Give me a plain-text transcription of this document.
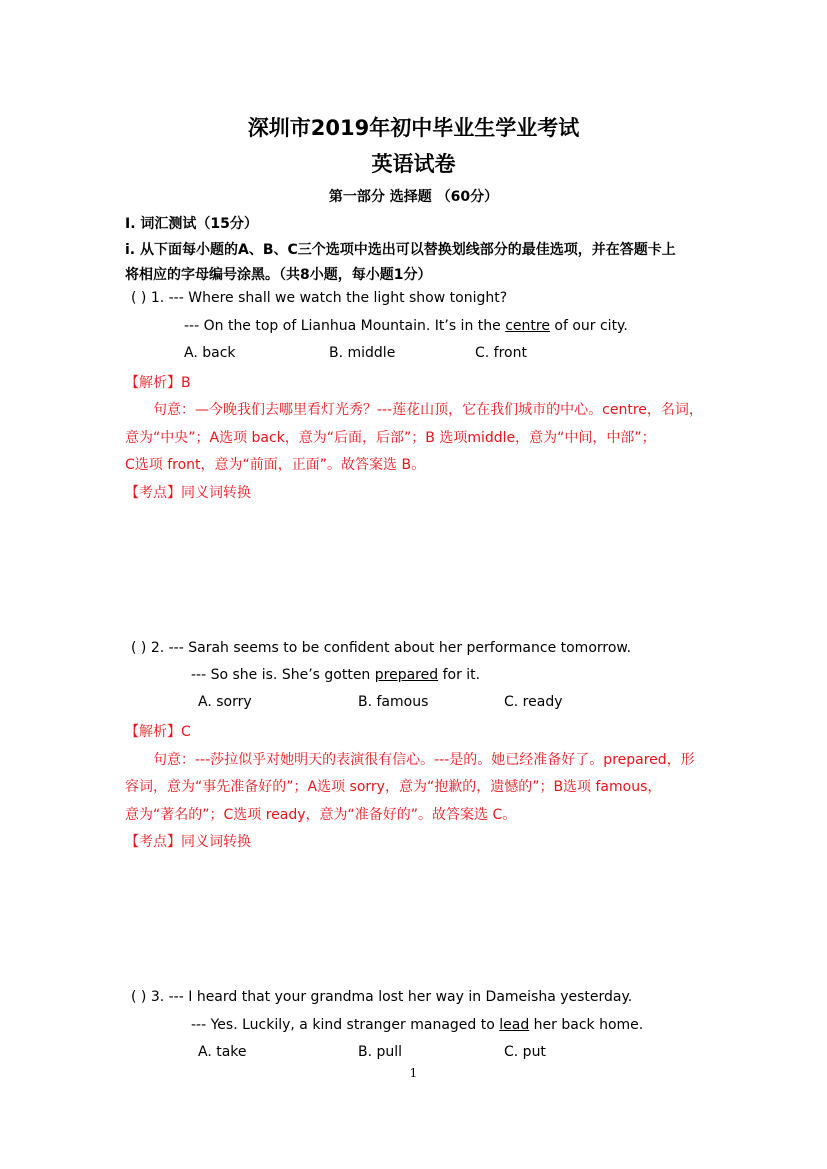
深圳市2019年初中毕业生学业考试
英语试卷
第一部分 选择题 （60分）
I. 词汇测试（15分）
i. 从下面每小题的A、B、C三个选项中选出可以替换划线部分的最佳选项，并在答题卡上
将相应的字母编号涂黑。（共8小题，每小题1分）
( ) 1. --- Where shall we watch the light show tonight?
--- On the top of Lianhua Mountain. It’s in the centre of our city.
A. back	B. middle	C. front
【解析】B
句意：—今晚我们去哪里看灯光秀？---莲花山顶，它在我们城市的中心。centre，名词，
意为“中央”；A选项 back，意为“后面，后部”；B 选项middle，意为“中间，中部”；
C选项 front，意为“前面，正面”。故答案选 B。
【考点】同义词转换
( ) 2. --- Sarah seems to be confident about her performance tomorrow.
--- So she is. She’s gotten prepared for it.
A. sorry	B. famous	C. ready
【解析】C
句意：---莎拉似乎对她明天的表演很有信心。---是的。她已经准备好了。prepared，形
容词，意为“事先准备好的”；A选项 sorry，意为“抱歉的，遗憾的”；B选项 famous，
意为“著名的”；C选项 ready，意为“准备好的”。故答案选 C。
【考点】同义词转换
( ) 3. --- I heard that your grandma lost her way in Dameisha yesterday.
--- Yes. Luckily, a kind stranger managed to lead her back home.
A. take	B. pull	C. put
1
